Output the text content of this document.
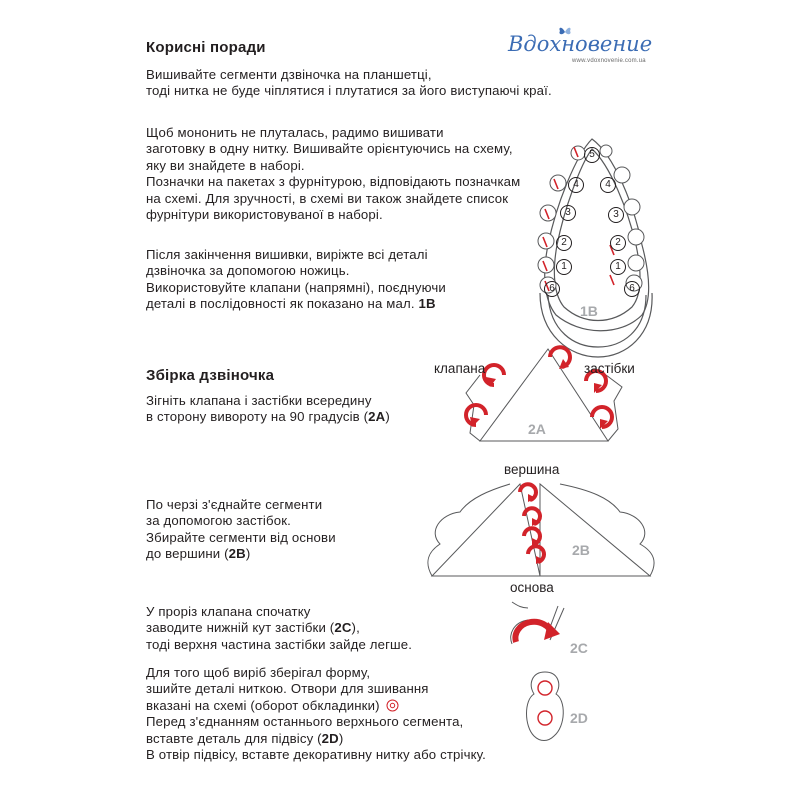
Вдохновение
www.vdoxnovenie.com.ua
Корисні поради
Вишивайте сегменти дзвіночка на планшетці,
тоді нитка не буде чіплятися і плутатися за його виступаючі краї.
Щоб мононить не плуталась, радимо вишивати
заготовку в одну нитку. Вишивайте орієнтуючись на схему,
яку ви знайдете в наборі.
Позначки на пакетах з фурнітурою, відповідають позначкам
на схемі. Для зручності, в схемі ви також знайдете список
фурнітури використовуваної в наборі.
Після закінчення вишивки, виріжте всі деталі
дзвіночка за допомогою ножиць.
Використовуйте клапани (напрямні), поєднуючи
деталі в послідовності як показано на мал. 1В
5
4
3
2
1
6
4
3
2
1
6
1В
Збірка дзвіночка
Зігніть клапана і застібки всередину
в сторону вивороту на 90 градусів (2А)
клапана	застібки
2А
По черзі з'єднайте сегменти
за допомогою застібок.
Збирайте сегменти від основи
до вершини (2В)
вершина
2В
основа
У проріз клапана спочатку
заводите нижній кут застібки (2С),
тоді верхня частина застібки зайде легше.	2С
Для того щоб виріб зберігал форму,
зшийте деталі ниткою. Отвори для зшивання
вказані на схемі (оборот обкладинки)
Перед з'єднанням останнього верхнього сегмента,
вставте деталь для підвісу (2D)
В отвір підвісу, вставте декоративну нитку або стрічку.
2D
